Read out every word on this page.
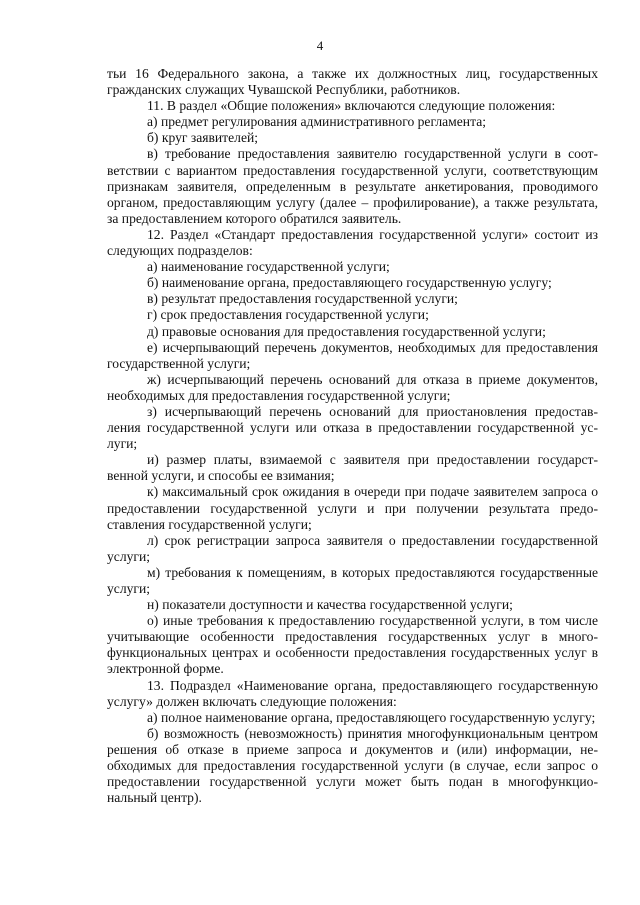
4

тьи 16 Федерального закона, а также их должностных лиц, государственных гражданских служащих Чувашской Республики, работников.

11. В раздел «Общие положения» включаются следующие положения:

а) предмет регулирования административного регламента;

б) круг заявителей;

в) требование предоставления заявителю государственной услуги в соответствии с вариантом предоставления государственной услуги, соответствующим признакам заявителя, определенным в результате анкетирования, проводимого органом, предоставляющим услугу (далее – профилирование), а также результата, за предоставлением которого обратился заявитель.

12. Раздел «Стандарт предоставления государственной услуги» состоит из следующих подразделов:

а) наименование государственной услуги;

б) наименование органа, предоставляющего государственную услугу;

в) результат предоставления государственной услуги;

г) срок предоставления государственной услуги;

д) правовые основания для предоставления государственной услуги;

е) исчерпывающий перечень документов, необходимых для предоставления государственной услуги;

ж) исчерпывающий перечень оснований для отказа в приеме документов, необходимых для предоставления государственной услуги;

з) исчерпывающий перечень оснований для приостановления предоставления государственной услуги или отказа в предоставлении государственной услуги;

и) размер платы, взимаемой с заявителя при предоставлении государственной услуги, и способы ее взимания;

к) максимальный срок ожидания в очереди при подаче заявителем запроса о предоставлении государственной услуги и при получении результата предоставления государственной услуги;

л) срок регистрации запроса заявителя о предоставлении государственной услуги;

м) требования к помещениям, в которых предоставляются государственные услуги;

н) показатели доступности и качества государственной услуги;

о) иные требования к предоставлению государственной услуги, в том числе учитывающие особенности предоставления государственных услуг в многофункциональных центрах и особенности предоставления государственных услуг в электронной форме.

13. Подраздел «Наименование органа, предоставляющего государственную услугу» должен включать следующие положения:

а) полное наименование органа, предоставляющего государственную услугу;

б) возможность (невозможность) принятия многофункциональным центром решения об отказе в приеме запроса и документов и (или) информации, необходимых для предоставления государственной услуги (в случае, если запрос о предоставлении государственной услуги может быть подан в многофункциональный центр).
